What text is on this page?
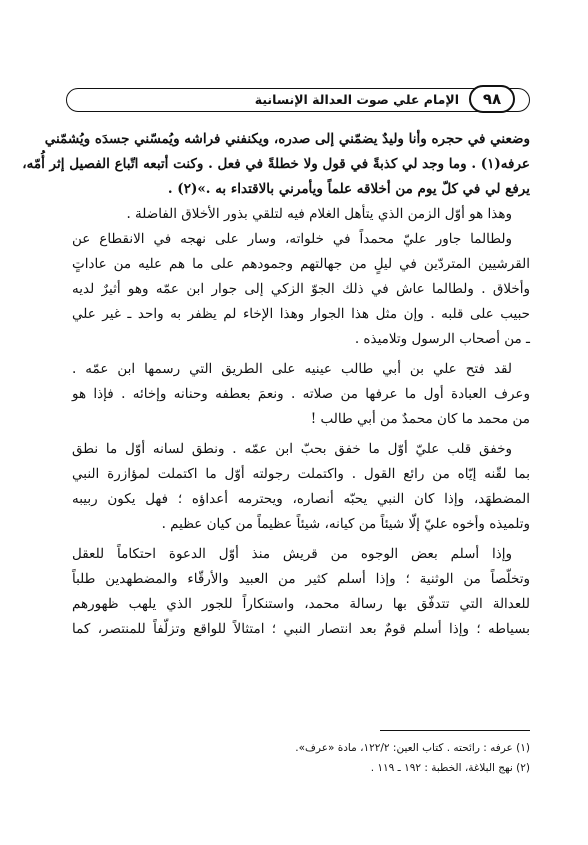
الإمام علي صوت العدالة الإنسانية	٩٨
وضعني في حجره وأنا وليدٌ يضمّني إلى صدره، ويكنفني فراشه ويُمسّني جسدَه ويُشمّني
عرفه(١) . وما وجد لي كذبةً في قول ولا خطلةً في فعل . وكنت أتبعه اتّباع الفصيل إثر أُمّه،
يرفع لي في كلّ يوم من أخلاقه علماً ويأمرني بالاقتداء به .»(٢) .
وهذا هو أوّل الزمن الذي يتأهل الغلام فيه لتلقي بذور الأخلاق الفاضلة .
ولطالما جاور عليّ محمداً في خلواته، وسار على نهجه في الانقطاع عن
القرشيين المتردّين في ليلٍ من جهالتهم وجمودهم على ما هم عليه من عاداتٍ
وأخلاق . ولطالما عاش في ذلك الجوّ الزكي إلى جوار ابن عمّه وهو أثيرٌ لديه
حبيب على قلبه . وإن مثل هذا الجوار وهذا الإخاء لم يظفر به واحد ـ غير علي
ـ من أصحاب الرسول وتلاميذه .
لقد فتح علي بن أبي طالب عينيه على الطريق التي رسمها ابن عمّه .
وعرف العبادة أول ما عرفها من صلاته . ونعمَ بعطفه وحنانه وإخائه . فإذا هو
من محمد ما كان محمدٌ من أبي طالب !
وخفق قلب عليّ أوّل ما خفق بحبّ ابن عمّه . ونطق لسانه أوّل ما نطق
بما لقّنه إيّاه من رائع القول . واكتملت رجولته أوّل ما اكتملت لمؤازرة النبي
المضطهَد، وإذا كان النبي يحبّه أنصاره، ويحترمه أعداؤه ؛ فهل يكون ربيبه
وتلميذه وأخوه عليّ إلّا شيئاً من كيانه، شيئاً عظيماً من كيان عظيم .
وإذا أسلم بعض الوجوه من قريش منذ أوّل الدعوة احتكاماً للعقل
وتخلّصاً من الوثنية ؛ وإذا أسلم كثير من العبيد والأرقّاء والمضطهدين طلباً
للعدالة التي تتدفّق بها رسالة محمد، واستنكاراً للجور الذي يلهب ظهورهم
بسياطه ؛ وإذا أسلم قومٌ بعد انتصار النبي ؛ امتثالاً للواقع وتزلّفاً للمنتصر، كما
(١) عرفه : رائحته . كتاب العين: ١٢٢/٢، مادة «عرف».
(٢) نهج البلاغة، الخطبة : ١٩٢ ـ ١١٩ .
